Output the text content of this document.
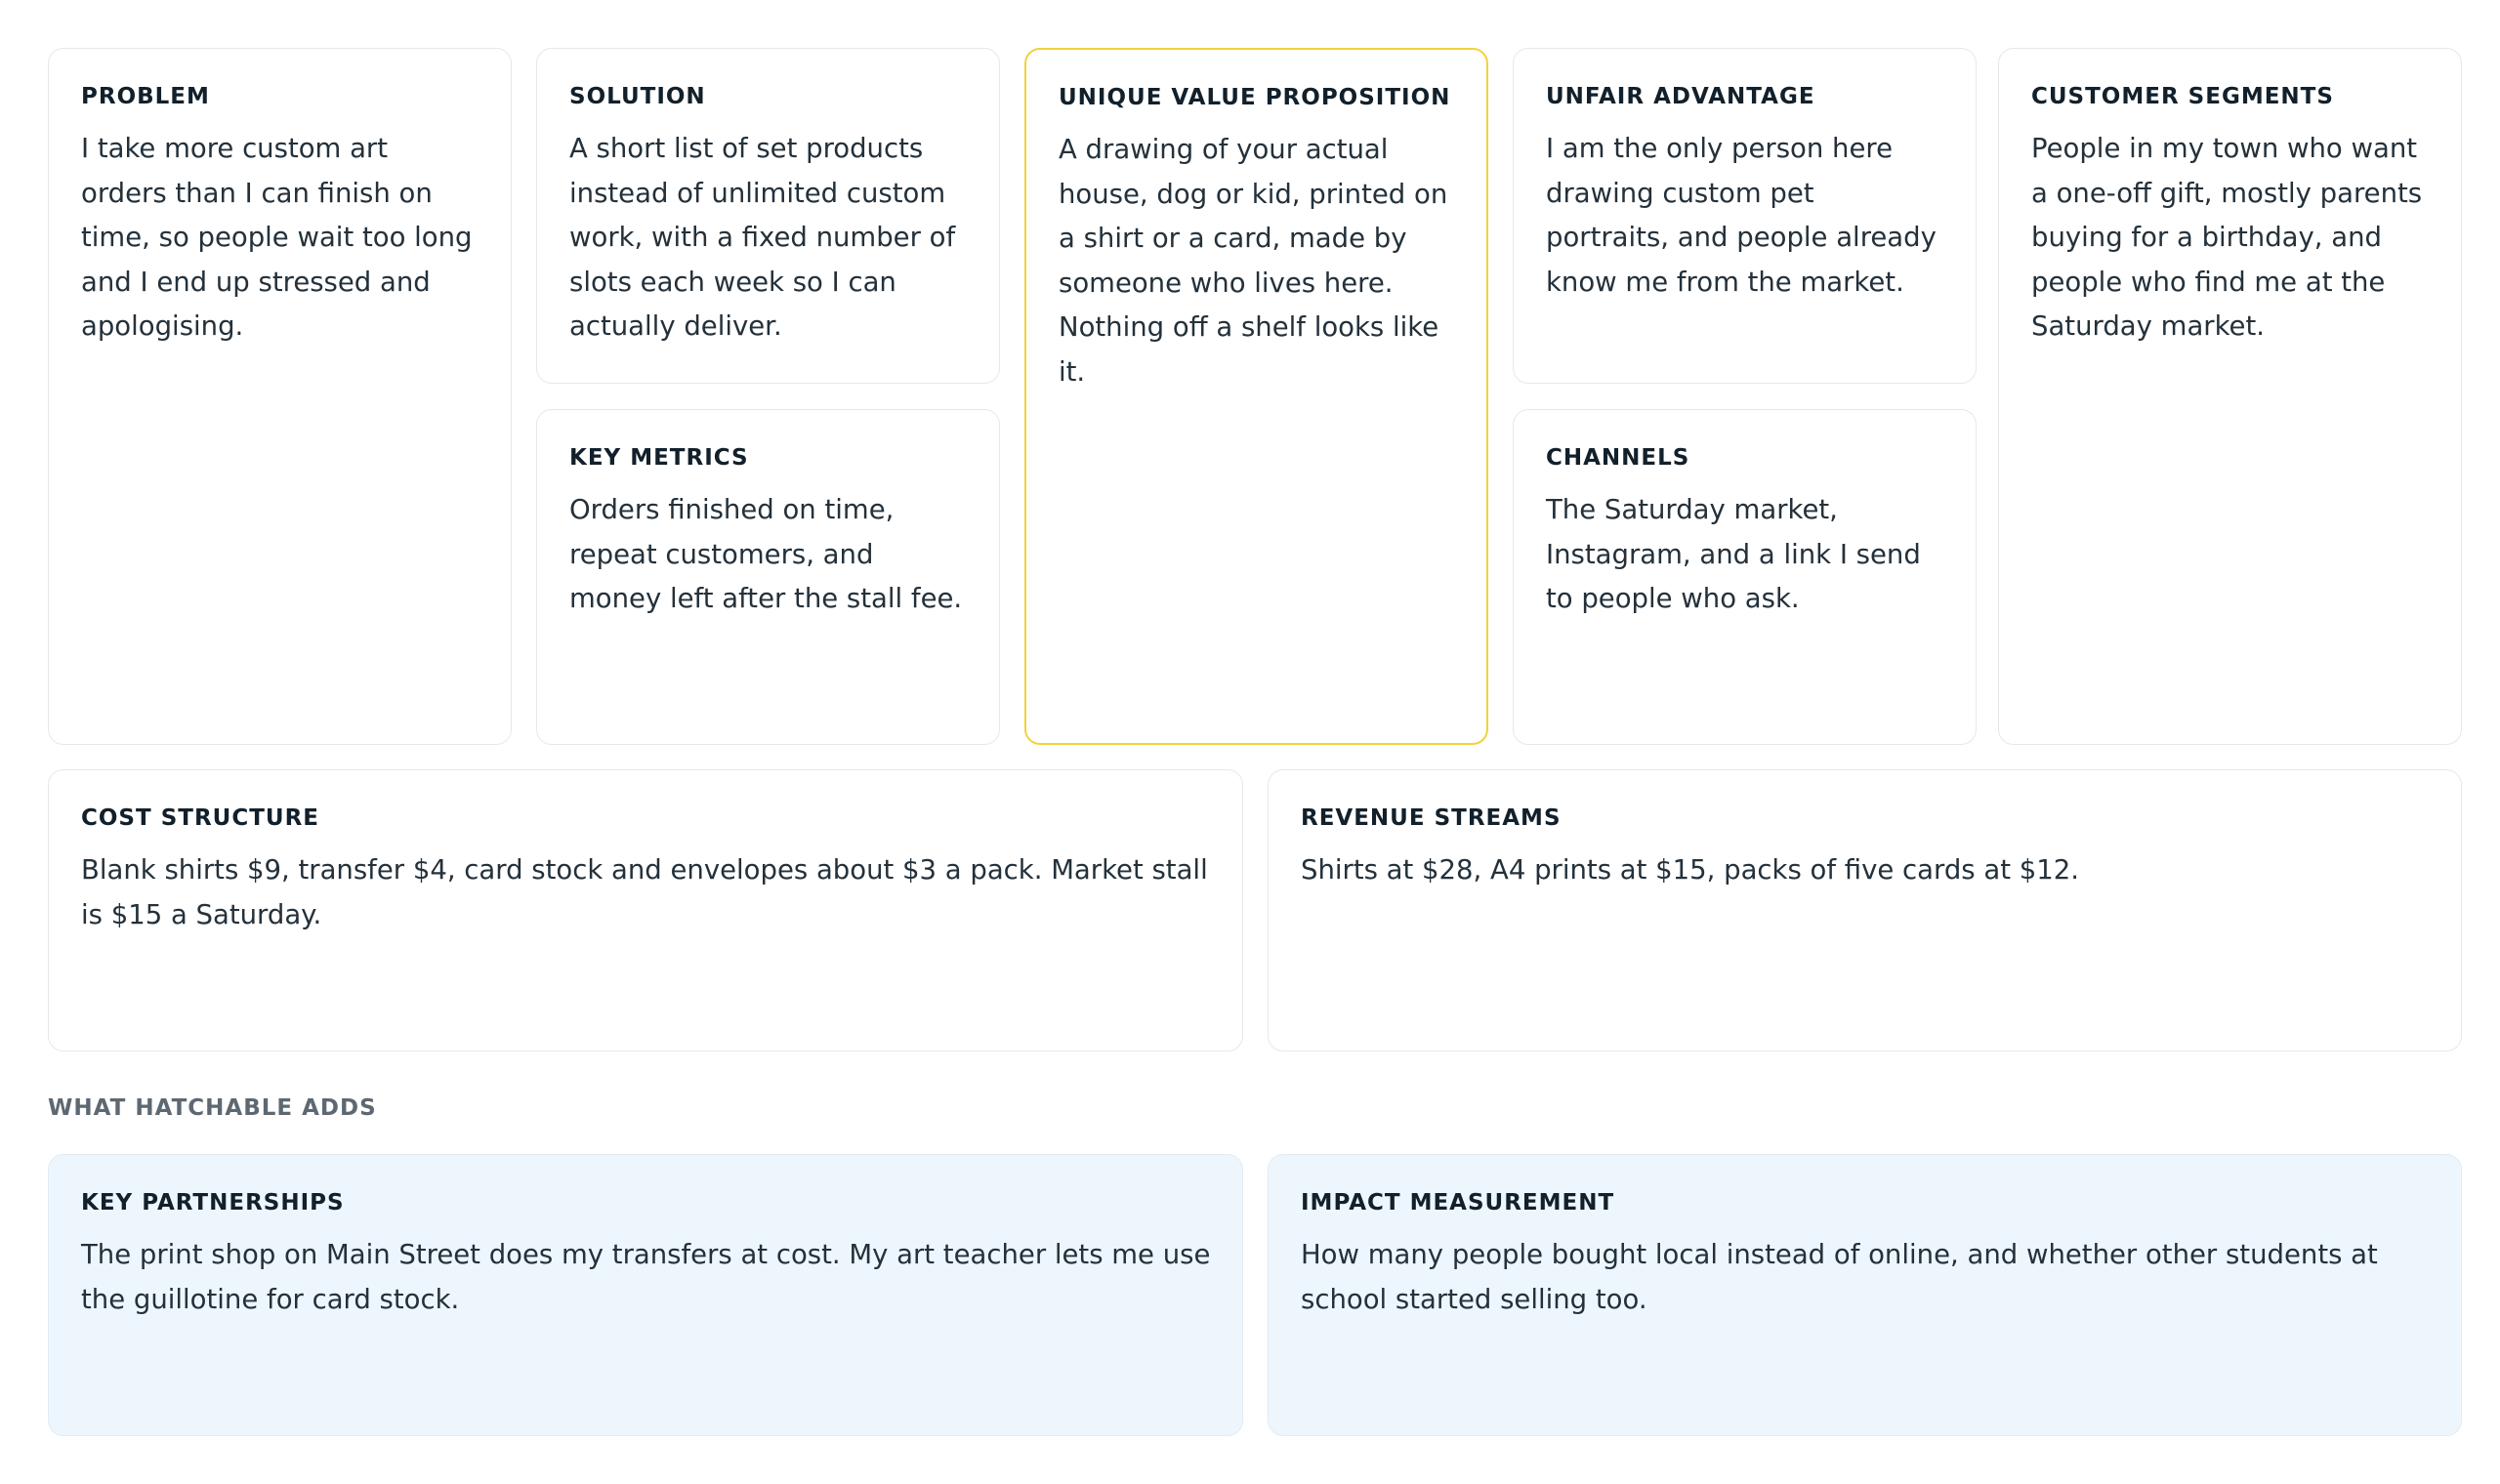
PROBLEM

I take more custom art orders than I can finish on time, so people wait too long and I end up stressed and apologising.

SOLUTION

A short list of set products instead of unlimited custom work, with a fixed number of slots each week so I can actually deliver.

KEY METRICS

Orders finished on time, repeat customers, and money left after the stall fee.

UNIQUE VALUE PROPOSITION

A drawing of your actual house, dog or kid, printed on a shirt or a card, made by someone who lives here. Nothing off a shelf looks like it.

UNFAIR ADVANTAGE

I am the only person here drawing custom pet portraits, and people already know me from the market.

CHANNELS

The Saturday market, Instagram, and a link I send to people who ask.

CUSTOMER SEGMENTS

People in my town who want a one-off gift, mostly parents buying for a birthday, and people who find me at the Saturday market.

COST STRUCTURE

Blank shirts $9, transfer $4, card stock and envelopes about $3 a pack. Market stall is $15 a Saturday.

REVENUE STREAMS

Shirts at $28, A4 prints at $15, packs of five cards at $12.

WHAT HATCHABLE ADDS
KEY PARTNERSHIPS

The print shop on Main Street does my transfers at cost. My art teacher lets me use the guillotine for card stock.

IMPACT MEASUREMENT

How many people bought local instead of online, and whether other students at school started selling too.
